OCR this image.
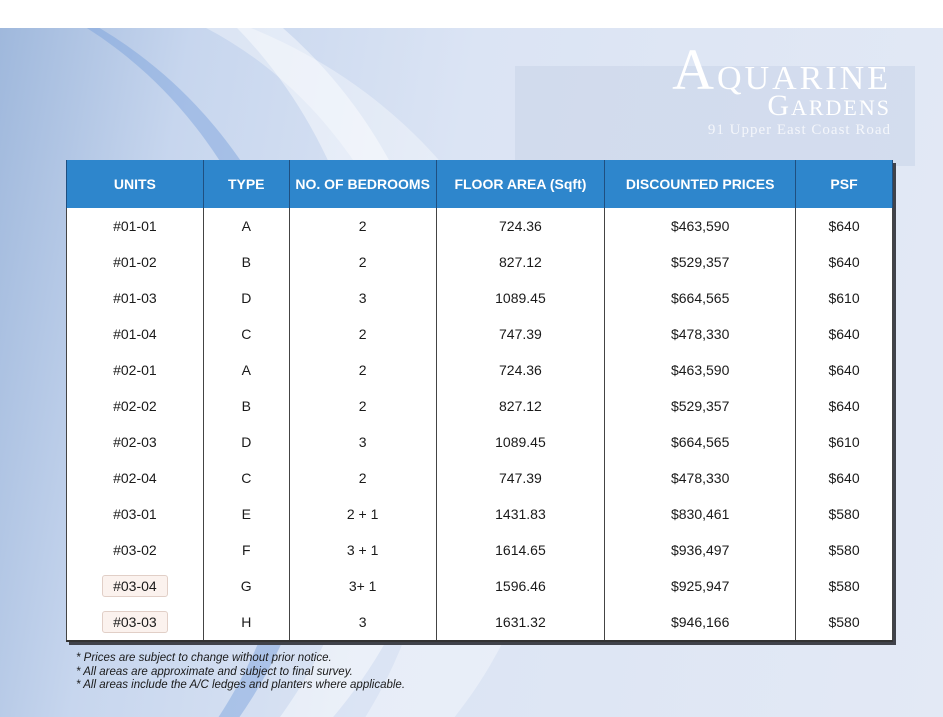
AQUARINE
GARDENS
91 Upper East Coast Road
UNITS	TYPE	NO. OF BEDROOMS	FLOOR AREA (Sqft)	DISCOUNTED PRICES	PSF
#01-01	A	2	724.36	$463,590	$640
#01-02	B	2	827.12	$529,357	$640
#01-03	D	3	1089.45	$664,565	$610
#01-04	C	2	747.39	$478,330	$640
#02-01	A	2	724.36	$463,590	$640
#02-02	B	2	827.12	$529,357	$640
#02-03	D	3	1089.45	$664,565	$610
#02-04	C	2	747.39	$478,330	$640
#03-01	E	2 + 1	1431.83	$830,461	$580
#03-02	F	3 + 1	1614.65	$936,497	$580
#03-04	G	3+ 1	1596.46	$925,947	$580
#03-03	H	3	1631.32	$946,166	$580
* Prices are subject to change without prior notice.
* All areas are approximate and subject to final survey.
* All areas include the A/C ledges and planters where applicable.
